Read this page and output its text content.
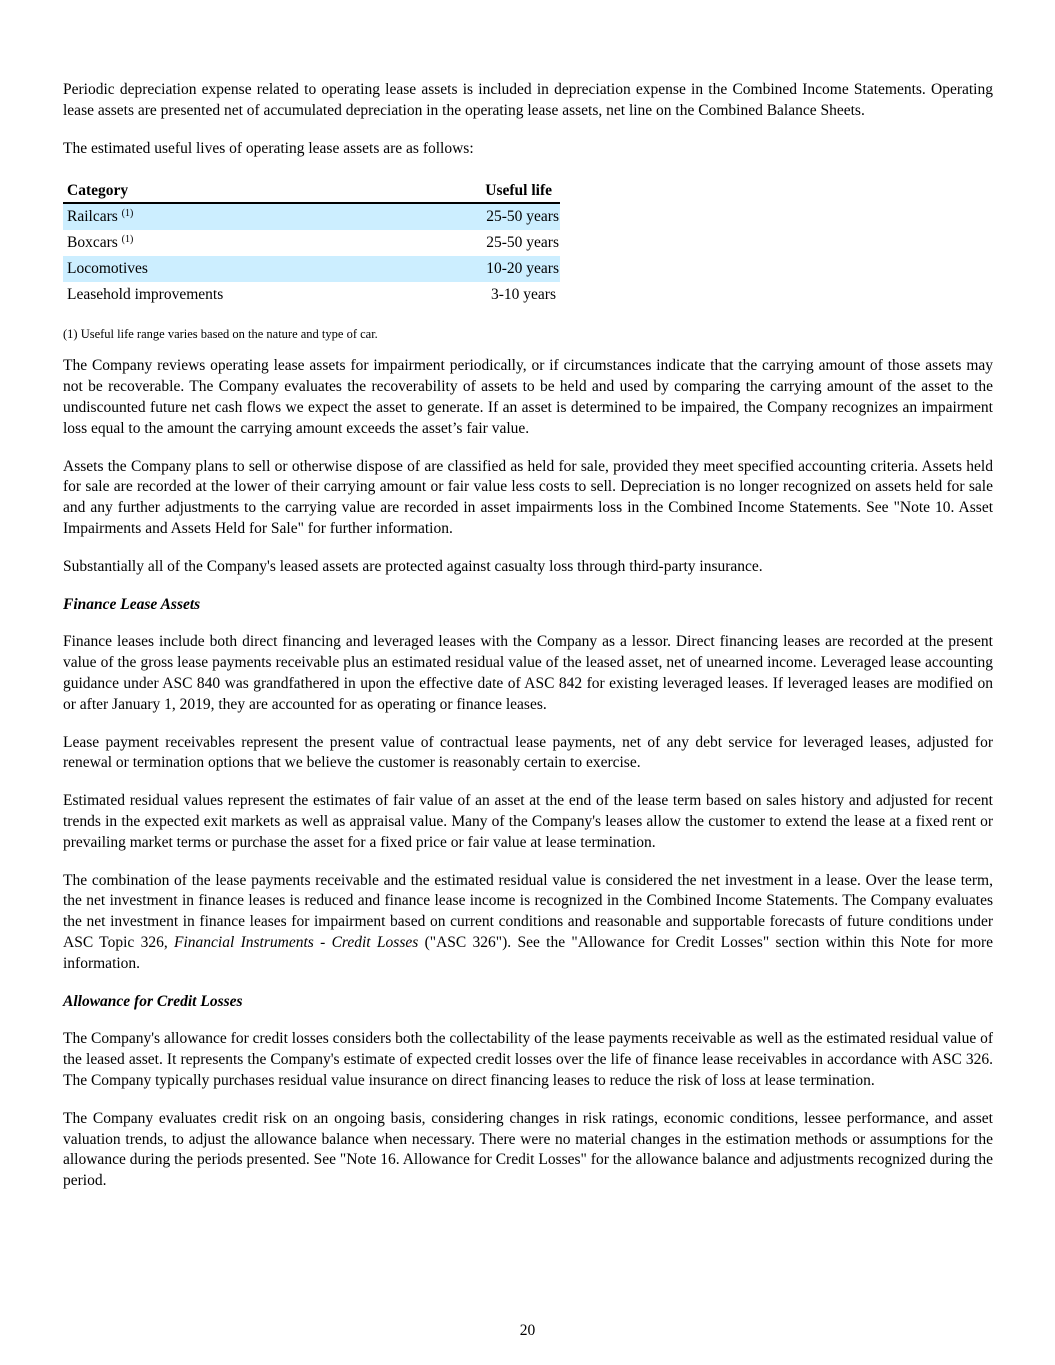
Periodic depreciation expense related to operating lease assets is included in depreciation expense in the Combined Income Statements. Operating lease assets are presented net of accumulated depreciation in the operating lease assets, net line on the Combined Balance Sheets.

The estimated useful lives of operating lease assets are as follows:

Category	Useful life
Railcars $^{(1)}$	25-50 years
Boxcars $^{(1)}$	25-50 years
Locomotives	10-20 years
Leasehold improvements	3-10 years
(1) Useful life range varies based on the nature and type of car.

The Company reviews operating lease assets for impairment periodically, or if circumstances indicate that the carrying amount of those assets may not be recoverable. The Company evaluates the recoverability of assets to be held and used by comparing the carrying amount of the asset to the undiscounted future net cash flows we expect the asset to generate. If an asset is determined to be impaired, the Company recognizes an impairment loss equal to the amount the carrying amount exceeds the asset’s fair value.

Assets the Company plans to sell or otherwise dispose of are classified as held for sale, provided they meet specified accounting criteria. Assets held for sale are recorded at the lower of their carrying amount or fair value less costs to sell. Depreciation is no longer recognized on assets held for sale and any further adjustments to the carrying value are recorded in asset impairments loss in the Combined Income Statements. See "Note 10. Asset Impairments and Assets Held for Sale" for further information.

Substantially all of the Company's leased assets are protected against casualty loss through third-party insurance.

Finance Lease Assets

Finance leases include both direct financing and leveraged leases with the Company as a lessor. Direct financing leases are recorded at the present value of the gross lease payments receivable plus an estimated residual value of the leased asset, net of unearned income. Leveraged lease accounting guidance under ASC 840 was grandfathered in upon the effective date of ASC 842 for existing leveraged leases. If leveraged leases are modified on or after January 1, 2019, they are accounted for as operating or finance leases.

Lease payment receivables represent the present value of contractual lease payments, net of any debt service for leveraged leases, adjusted for renewal or termination options that we believe the customer is reasonably certain to exercise.

Estimated residual values represent the estimates of fair value of an asset at the end of the lease term based on sales history and adjusted for recent trends in the expected exit markets as well as appraisal value. Many of the Company's leases allow the customer to extend the lease at a fixed rent or prevailing market terms or purchase the asset for a fixed price or fair value at lease termination.

The combination of the lease payments receivable and the estimated residual value is considered the net investment in a lease. Over the lease term, the net investment in finance leases is reduced and finance lease income is recognized in the Combined Income Statements. The Company evaluates the net investment in finance leases for impairment based on current conditions and reasonable and supportable forecasts of future conditions under ASC Topic 326, Financial Instruments - Credit Losses ("ASC 326"). See the "Allowance for Credit Losses" section within this Note for more information.

Allowance for Credit Losses

The Company's allowance for credit losses considers both the collectability of the lease payments receivable as well as the estimated residual value of the leased asset. It represents the Company's estimate of expected credit losses over the life of finance lease receivables in accordance with ASC 326. The Company typically purchases residual value insurance on direct financing leases to reduce the risk of loss at lease termination.

The Company evaluates credit risk on an ongoing basis, considering changes in risk ratings, economic conditions, lessee performance, and asset valuation trends, to adjust the allowance balance when necessary. There were no material changes in the estimation methods or assumptions for the allowance during the periods presented. See "Note 16. Allowance for Credit Losses" for the allowance balance and adjustments recognized during the period.

20
